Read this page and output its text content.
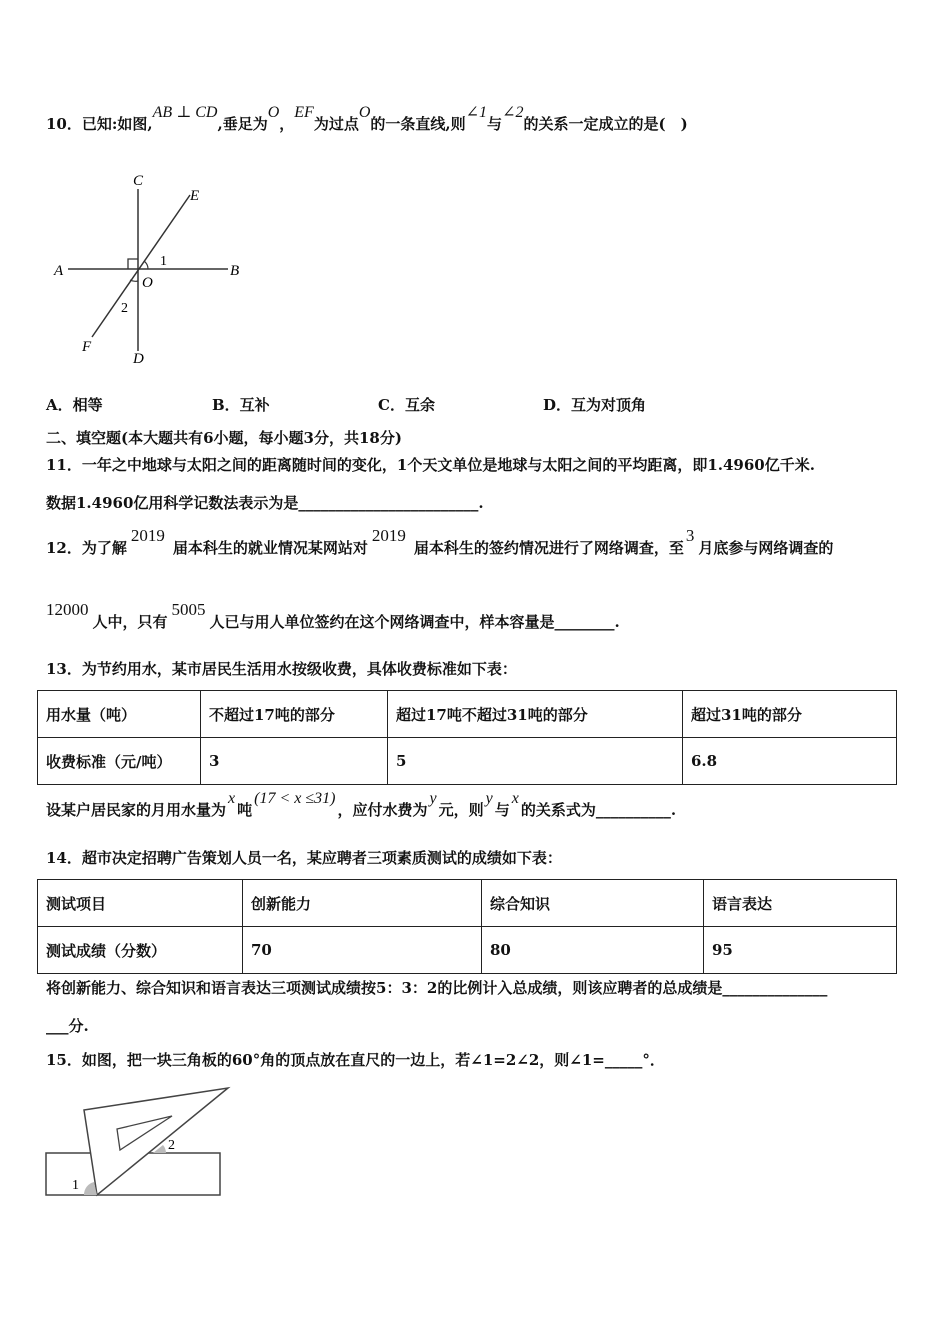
10．已知:如图,AB ⊥ CD,垂足为O，EF为过点O的一条直线,则∠1与∠2的关系一定成立的是(　)
C
E
A	B
O
F
D
1
2
A．相等	B．互补	C．互余	D．互为对顶角
二、填空题(本大题共有6小题，每小题3分，共18分)
11．一年之中地球与太阳之间的距离随时间的变化，1个天文单位是地球与太阳之间的平均距离，即1.4960亿千米.
数据1.4960亿用科学记数法表示为是________________________.
12．为了解2019届本科生的就业情况某网站对2019届本科生的签约情况进行了网络调查，至3月底参与网络调查的
12000人中，只有5005人已与用人单位签约在这个网络调查中，样本容量是________.
13．为节约用水，某市居民生活用水按级收费，具体收费标准如下表：
用水量（吨）	不超过17吨的部分	超过17吨不超过31吨的部分	超过31吨的部分
收费标准（元/吨）	3	5	6.8
设某户居民家的月用水量为x吨(17 < x ≤31)，应付水费为y元，则y与x的关系式为__________.
14．超市决定招聘广告策划人员一名，某应聘者三项素质测试的成绩如下表：
测试项目	创新能力	综合知识	语言表达
测试成绩（分数）	70	80	95
将创新能力、综合知识和语言表达三项测试成绩按5：3：2的比例计入总成绩，则该应聘者的总成绩是______________
___分.
15．如图，把一块三角板的60°角的顶点放在直尺的一边上，若∠1=2∠2，则∠1=_____°．
1
2
